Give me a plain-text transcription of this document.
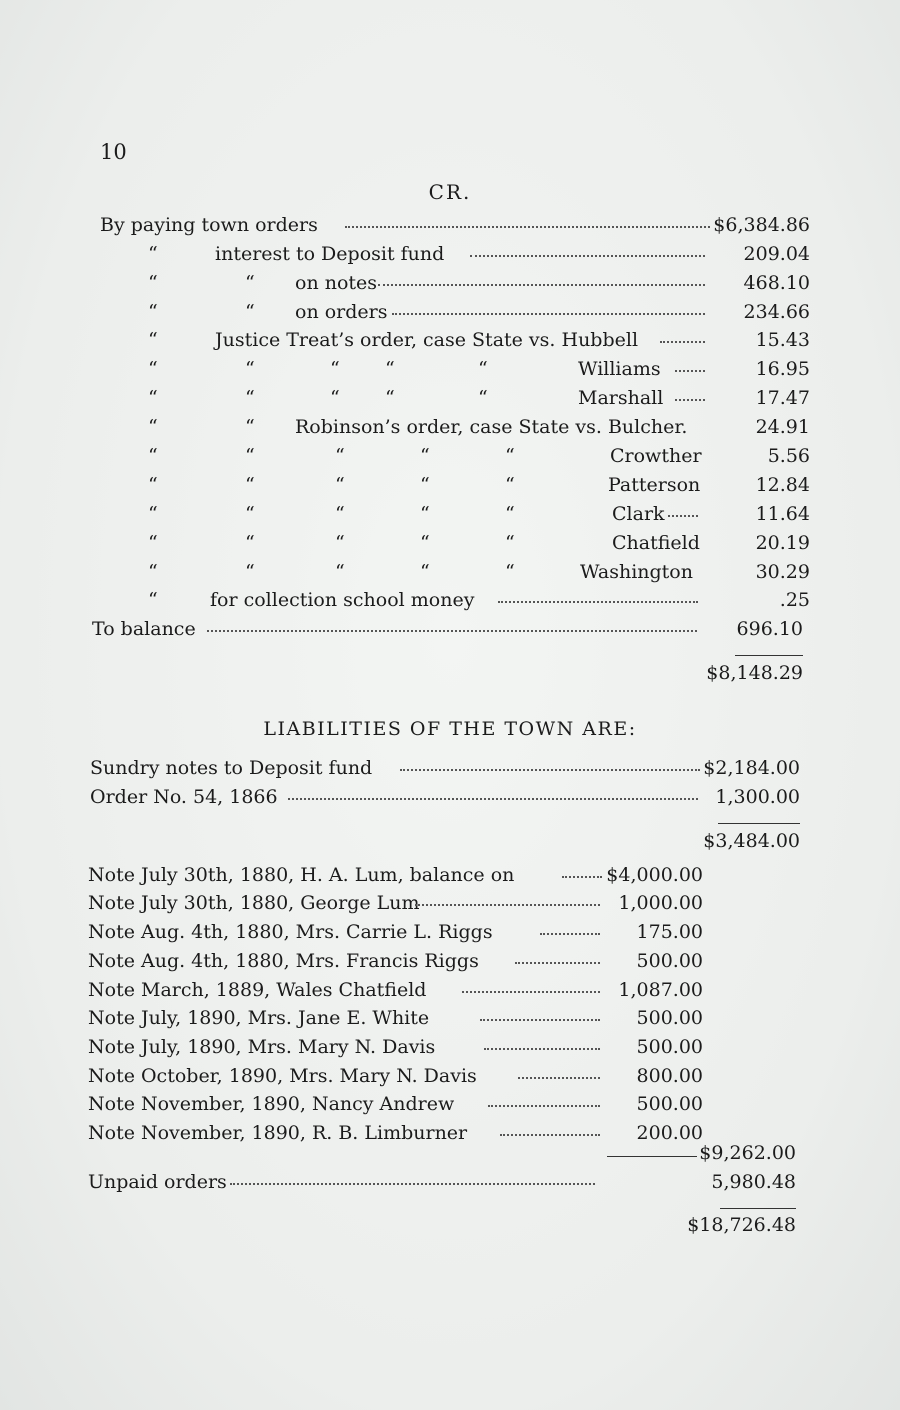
10
CR.
By paying town orders	$6,384.86
“	interest to Deposit fund	209.04
“	“ on notes	468.10
“	“ on orders	234.66
“	Justice Treat’s order, case State vs. Hubbell	15.43
“	“	“ “	“	Williams	16.95
“	“	“ “	“	Marshall	17.47
“	“ Robinson’s order, case State vs. Bulcher.	24.91
“	“	“	“	“	Crowther	5.56
“	“	“	“	“	Patterson	12.84
“	“	“	“	“	Clark	11.64
“	“	“	“	“	Chatfield	20.19
“	“	“	“	“	Washington	30.29
“	for collection school money	.25
To balance	696.10
$8,148.29
LIABILITIES OF THE TOWN ARE:
Sundry notes to Deposit fund	$2,184.00
Order No. 54, 1866	1,300.00
$3,484.00
Note July 30th, 1880, H. A. Lum, balance on	$4,000.00
Note July 30th, 1880, George Lum	1,000.00
Note Aug. 4th, 1880, Mrs. Carrie L. Riggs	175.00
Note Aug. 4th, 1880, Mrs. Francis Riggs	500.00
Note March, 1889, Wales Chatfield	1,087.00
Note July, 1890, Mrs. Jane E. White	500.00
Note July, 1890, Mrs. Mary N. Davis	500.00
Note October, 1890, Mrs. Mary N. Davis	800.00
Note November, 1890, Nancy Andrew	500.00
Note November, 1890, R. B. Limburner	200.00
$9,262.00
Unpaid orders	5,980.48
$18,726.48
